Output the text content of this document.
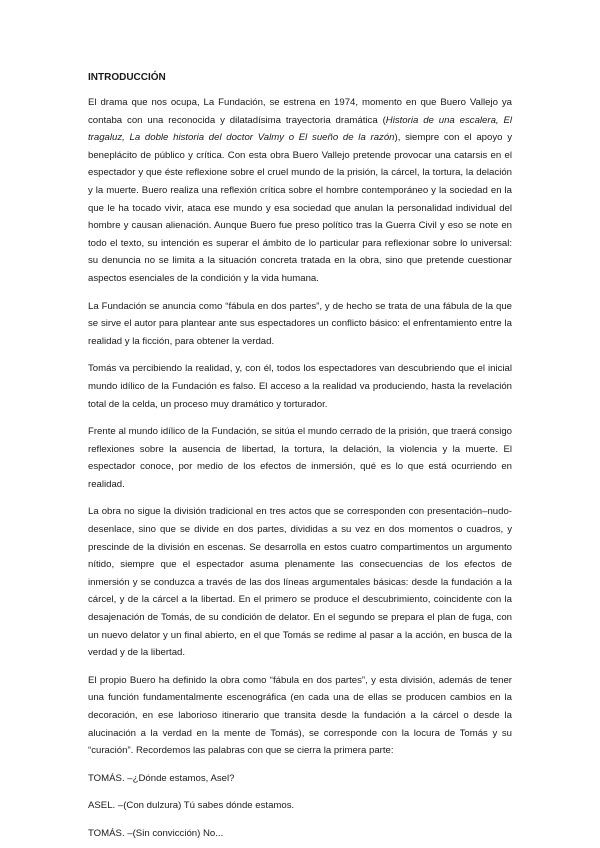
INTRODUCCIÓN

El drama que nos ocupa, La Fundación, se estrena en 1974, momento en que Buero Vallejo ya contaba con una reconocida y dilatadísima trayectoria dramática (Historia de una escalera, El tragaluz, La doble historia del doctor Valmy o El sueño de la razón), siempre con el apoyo y beneplácito de público y crítica. Con esta obra Buero Vallejo pretende provocar una catarsis en el espectador y que éste reflexione sobre el cruel mundo de la prisión, la cárcel, la tortura, la delación y la muerte. Buero realiza una reflexión crítica sobre el hombre contemporáneo y la sociedad en la que le ha tocado vivir, ataca ese mundo y esa sociedad que anulan la personalidad individual del hombre y causan alienación. Aunque Buero fue preso político tras la Guerra Civil y eso se note en todo el texto, su intención es superar el ámbito de lo particular para reflexionar sobre lo universal: su denuncia no se limita a la situación concreta tratada en la obra, sino que pretende cuestionar aspectos esenciales de la condición y la vida humana.

La Fundación se anuncia como “fábula en dos partes”, y de hecho se trata de una fábula de la que se sirve el autor para plantear ante sus espectadores un conflicto básico: el enfrentamiento entre la realidad y la ficción, para obtener la verdad.

Tomás va percibiendo la realidad, y, con él, todos los espectadores van descubriendo que el inicial mundo idílico de la Fundación es falso. El acceso a la realidad va produciendo, hasta la revelación total de la celda, un proceso muy dramático y torturador.

Frente al mundo idílico de la Fundación, se sitúa el mundo cerrado de la prisión, que traerá consigo reflexiones sobre la ausencia de libertad, la tortura, la delación, la violencia y la muerte. El espectador conoce, por medio de los efectos de inmersión, qué es lo que está ocurriendo en realidad.

La obra no sigue la división tradicional en tres actos que se corresponden con presentación–nudo-desenlace, sino que se divide en dos partes, divididas a su vez en dos momentos o cuadros, y prescinde de la división en escenas. Se desarrolla en estos cuatro compartimentos un argumento nítido, siempre que el espectador asuma plenamente las consecuencias de los efectos de inmersión y se conduzca a través de las dos líneas argumentales básicas: desde la fundación a la cárcel, y de la cárcel a la libertad. En el primero se produce el descubrimiento, coincidente con la desajenación de Tomás, de su condición de delator. En el segundo se prepara el plan de fuga, con un nuevo delator y un final abierto, en el que Tomás se redime al pasar a la acción, en busca de la verdad y de la libertad.

El propio Buero ha definido la obra como “fábula en dos partes”, y esta división, además de tener una función fundamentalmente escenográfica (en cada una de ellas se producen cambios en la decoración, en ese laborioso itinerario que transita desde la fundación a la cárcel o desde la alucinación a la verdad en la mente de Tomás), se corresponde con la locura de Tomás y su “curación”. Recordemos las palabras con que se cierra la primera parte:

TOMÁS. –¿Dónde estamos, Asel?

ASEL. –(Con dulzura) Tú sabes dónde estamos.

TOMÁS. –(Sin convicción) No...
